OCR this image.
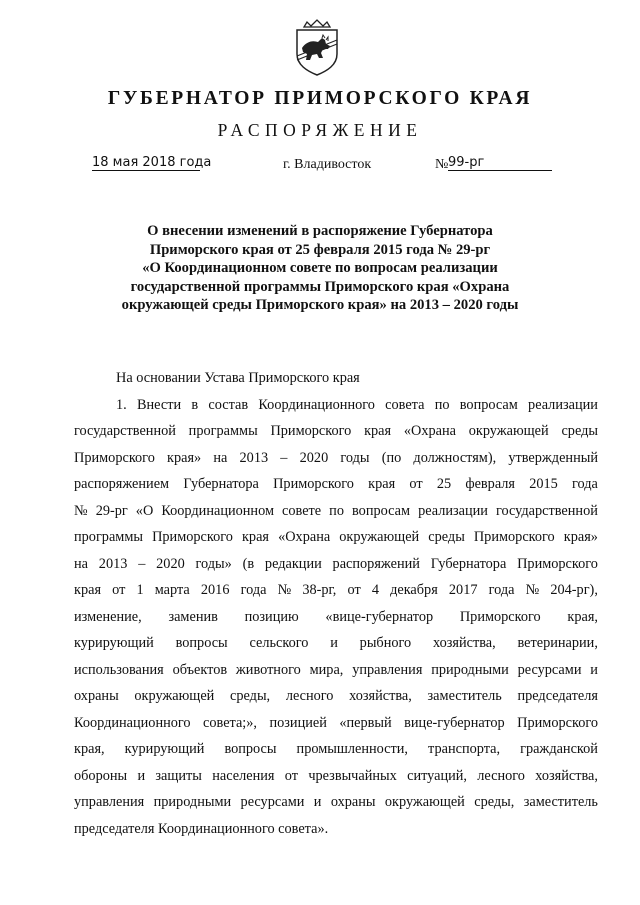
ГУБЕРНАТОР ПРИМОРСКОГО КРАЯ
РАСПОРЯЖЕНИЕ
18 мая 2018 года	г. Владивосток	№ 99-рг
О внесении изменений в распоряжение Губернатора
Приморского края от 25 февраля 2015 года № 29-рг
«О Координационном совете по вопросам реализации
государственной программы Приморского края «Охрана
окружающей среды Приморского края» на 2013 – 2020 годы
На основании Устава Приморского края
1. Внести в состав Координационного совета по вопросам реализации
государственной программы Приморского края «Охрана окружающей среды
Приморского края» на 2013 – 2020 годы (по должностям), утвержденный
распоряжением Губернатора Приморского края от 25 февраля 2015 года
№ 29-рг «О Координационном совете по вопросам реализации государственной
программы Приморского края «Охрана окружающей среды Приморского края»
на 2013 – 2020 годы» (в редакции распоряжений Губернатора Приморского
края от 1 марта 2016 года № 38-рг, от 4 декабря 2017 года № 204-рг),
изменение, заменив позицию «вице-губернатор Приморского края,
курирующий вопросы сельского и рыбного хозяйства, ветеринарии,
использования объектов животного мира, управления природными ресурсами и
охраны окружающей среды, лесного хозяйства, заместитель председателя
Координационного совета;», позицией «первый вице-губернатор Приморского
края, курирующий вопросы промышленности, транспорта, гражданской
обороны и защиты населения от чрезвычайных ситуаций, лесного хозяйства,
управления природными ресурсами и охраны окружающей среды, заместитель
председателя Координационного совета».
